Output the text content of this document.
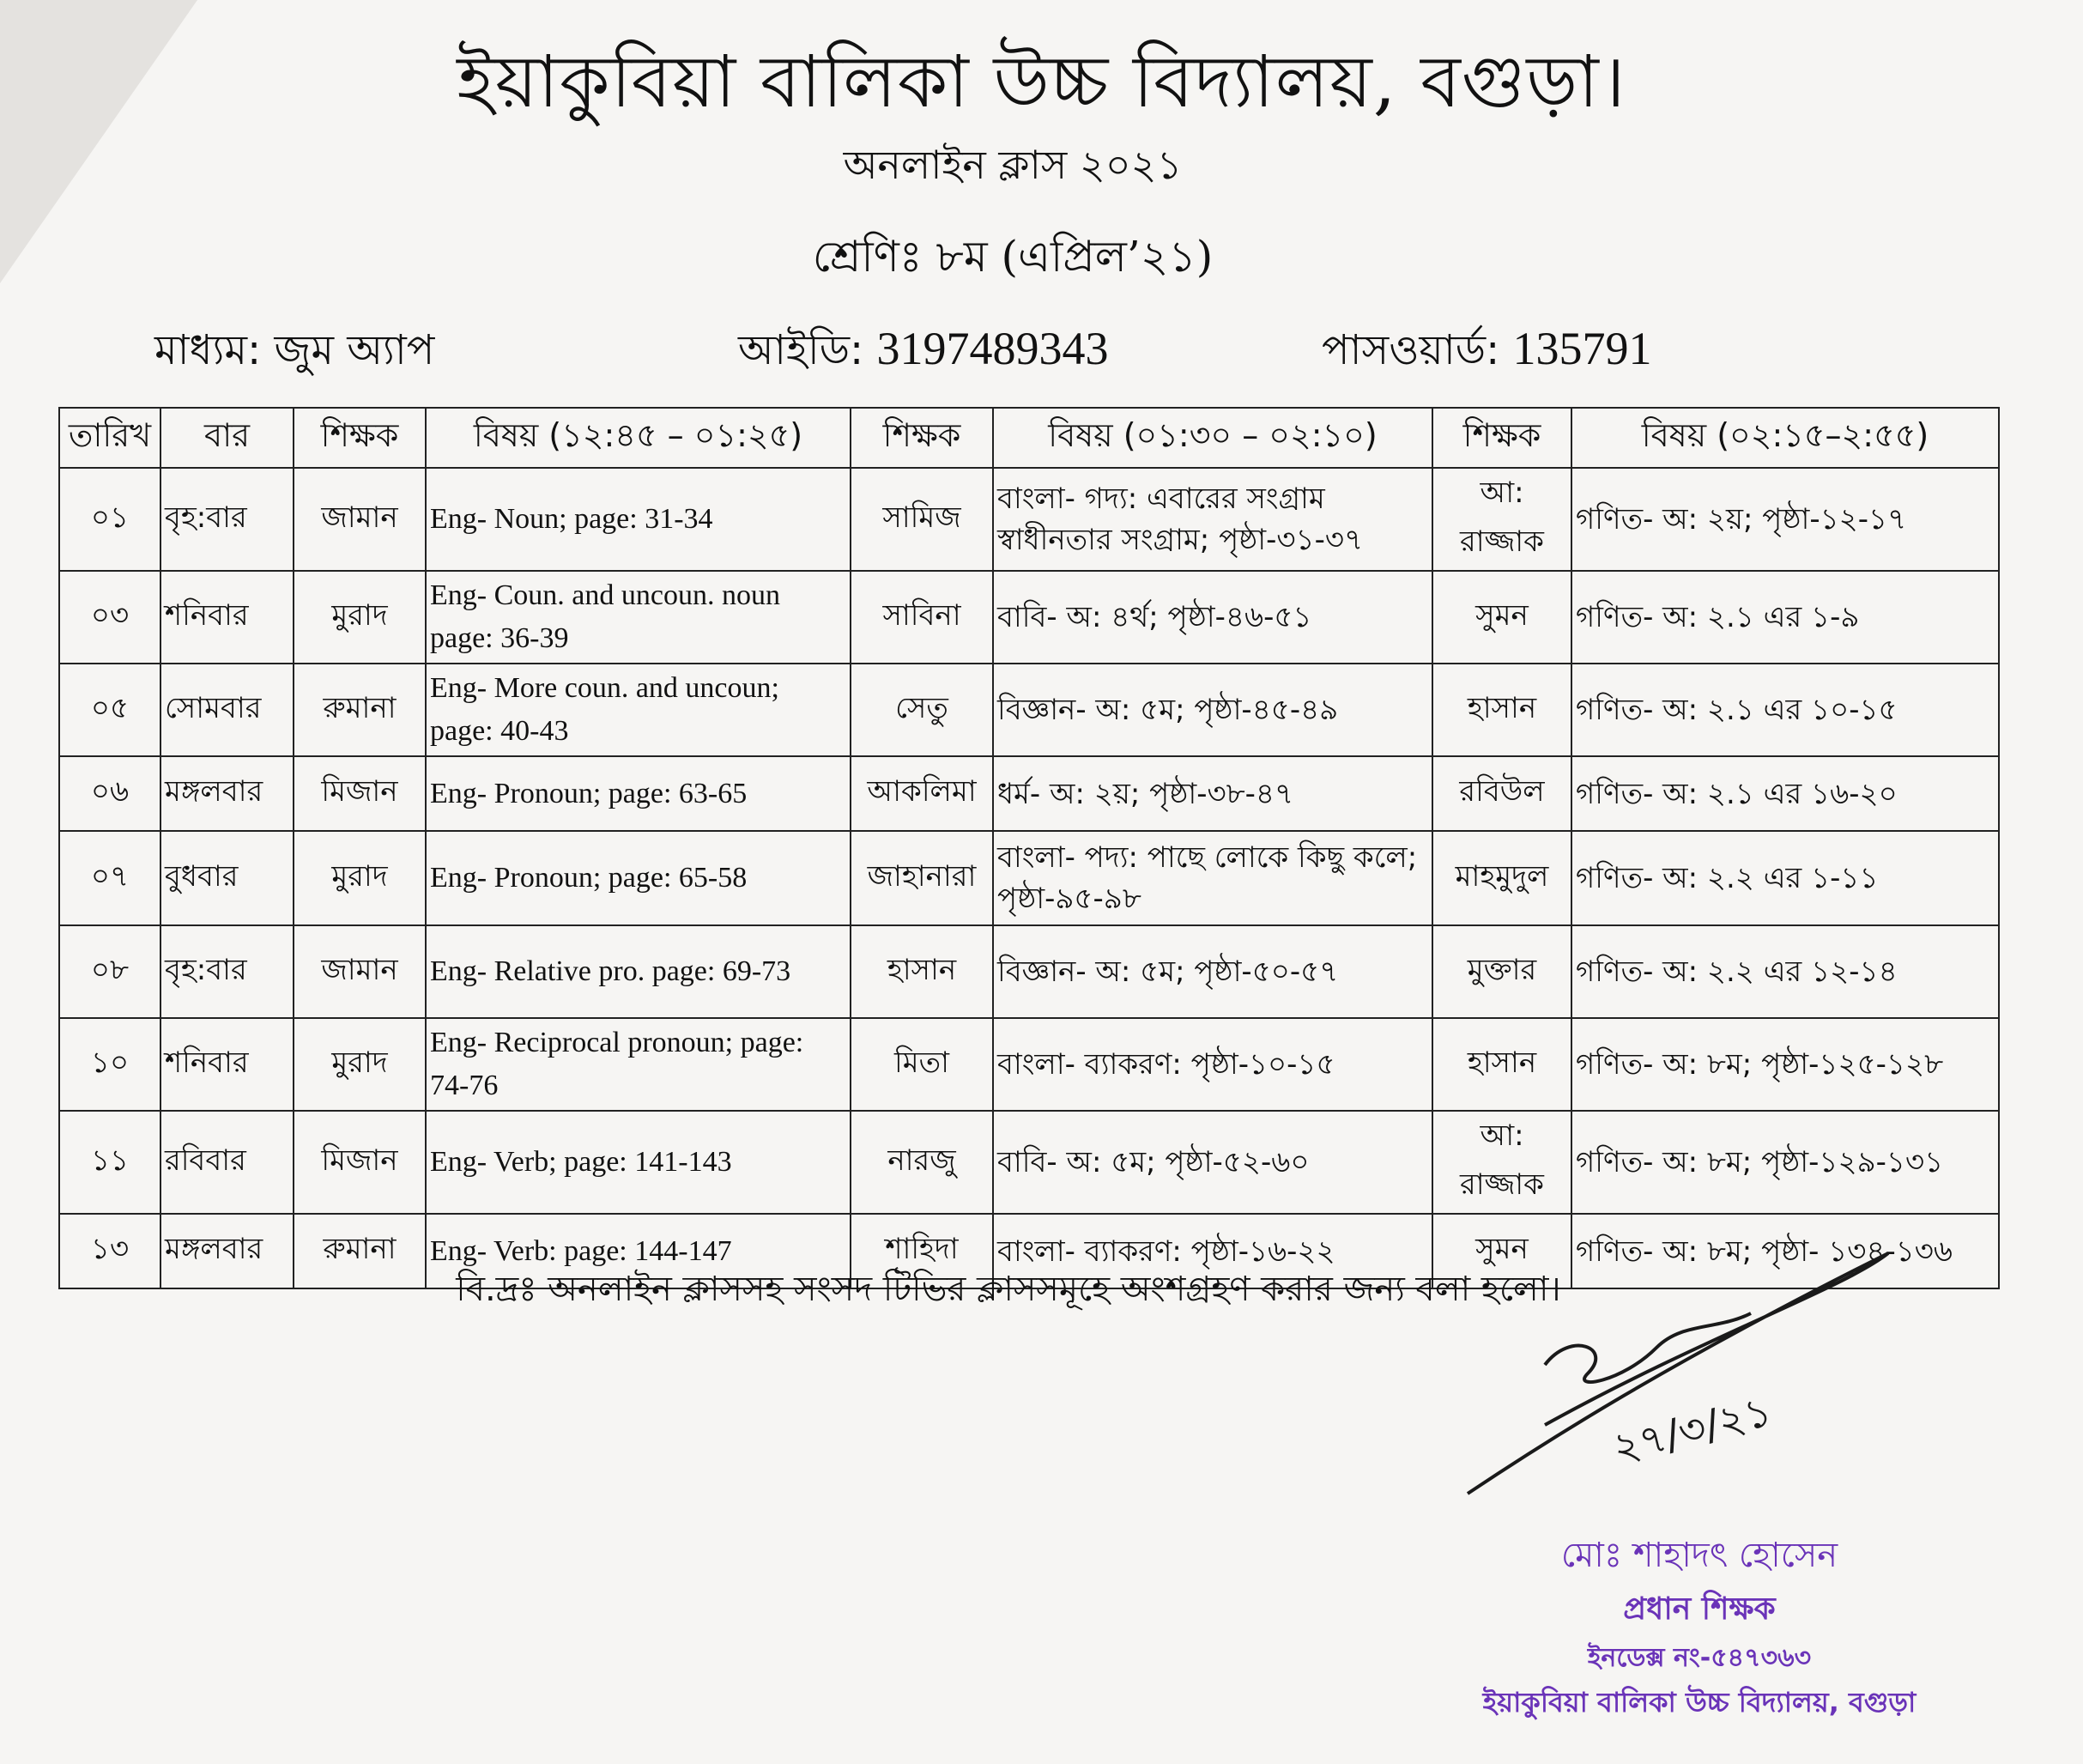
ইয়াকুবিয়া বালিকা উচ্চ বিদ্যালয়, বগুড়া।
অনলাইন ক্লাস ২০২১
শ্রেণিঃ ৮ম (এপ্রিল’২১)
মাধ্যম: জুম অ্যাপ	আইডি: 3197489343	পাসওয়ার্ড: 135791
তারিখ	বার	শিক্ষক	বিষয় (১২:৪৫ – ০১:২৫)	শিক্ষক	বিষয় (০১:৩০ – ০২:১০)	শিক্ষক	বিষয় (০২:১৫–২:৫৫)
০১	বৃহ:বার	জামান	Eng- Noun; page: 31-34	সামিজ	বাংলা- গদ্য: এবারের সংগ্রাম স্বাধীনতার সংগ্রাম; পৃষ্ঠা-৩১-৩৭	আ: রাজ্জাক	গণিত- অ: ২য়; পৃষ্ঠা-১২-১৭
০৩	শনিবার	মুরাদ	Eng- Coun. and uncoun. noun page: 36-39	সাবিনা	বাবি- অ: ৪র্থ; পৃষ্ঠা-৪৬-৫১	সুমন	গণিত- অ: ২.১ এর ১-৯
০৫	সোমবার	রুমানা	Eng- More coun. and uncoun; page: 40-43	সেতু	বিজ্ঞান- অ: ৫ম; পৃষ্ঠা-৪৫-৪৯	হাসান	গণিত- অ: ২.১ এর ১০-১৫
০৬	মঙ্গলবার	মিজান	Eng- Pronoun; page: 63-65	আকলিমা	ধর্ম- অ: ২য়; পৃষ্ঠা-৩৮-৪৭	রবিউল	গণিত- অ: ২.১ এর ১৬-২০
০৭	বুধবার	মুরাদ	Eng- Pronoun; page: 65-58	জাহানারা	বাংলা- পদ্য: পাছে লোকে কিছু কলে; পৃষ্ঠা-৯৫-৯৮	মাহমুদুল	গণিত- অ: ২.২ এর ১-১১
০৮	বৃহ:বার	জামান	Eng- Relative pro. page: 69-73	হাসান	বিজ্ঞান- অ: ৫ম; পৃষ্ঠা-৫০-৫৭	মুক্তার	গণিত- অ: ২.২ এর ১২-১৪
১০	শনিবার	মুরাদ	Eng- Reciprocal pronoun; page: 74-76	মিতা	বাংলা- ব্যাকরণ: পৃষ্ঠা-১০-১৫	হাসান	গণিত- অ: ৮ম; পৃষ্ঠা-১২৫-১২৮
১১	রবিবার	মিজান	Eng- Verb; page: 141-143	নারজু	বাবি- অ: ৫ম; পৃষ্ঠা-৫২-৬০	আ: রাজ্জাক	গণিত- অ: ৮ম; পৃষ্ঠা-১২৯-১৩১
১৩	মঙ্গলবার	রুমানা	Eng- Verb: page: 144-147	শাহিদা	বাংলা- ব্যাকরণ: পৃষ্ঠা-১৬-২২	সুমন	গণিত- অ: ৮ম; পৃষ্ঠা- ১৩৪-১৩৬
বি.দ্রঃ অনলাইন ক্লাসসহ সংসদ টিভির ক্লাসসমূহে অংশগ্রহণ করার জন্য বলা হলো।
২৭/৩/২১
মোঃ শাহাদৎ হোসেন
প্রধান শিক্ষক
ইনডেক্স নং-৫৪৭৩৬৩
ইয়াকুবিয়া বালিকা উচ্চ বিদ্যালয়, বগুড়া
